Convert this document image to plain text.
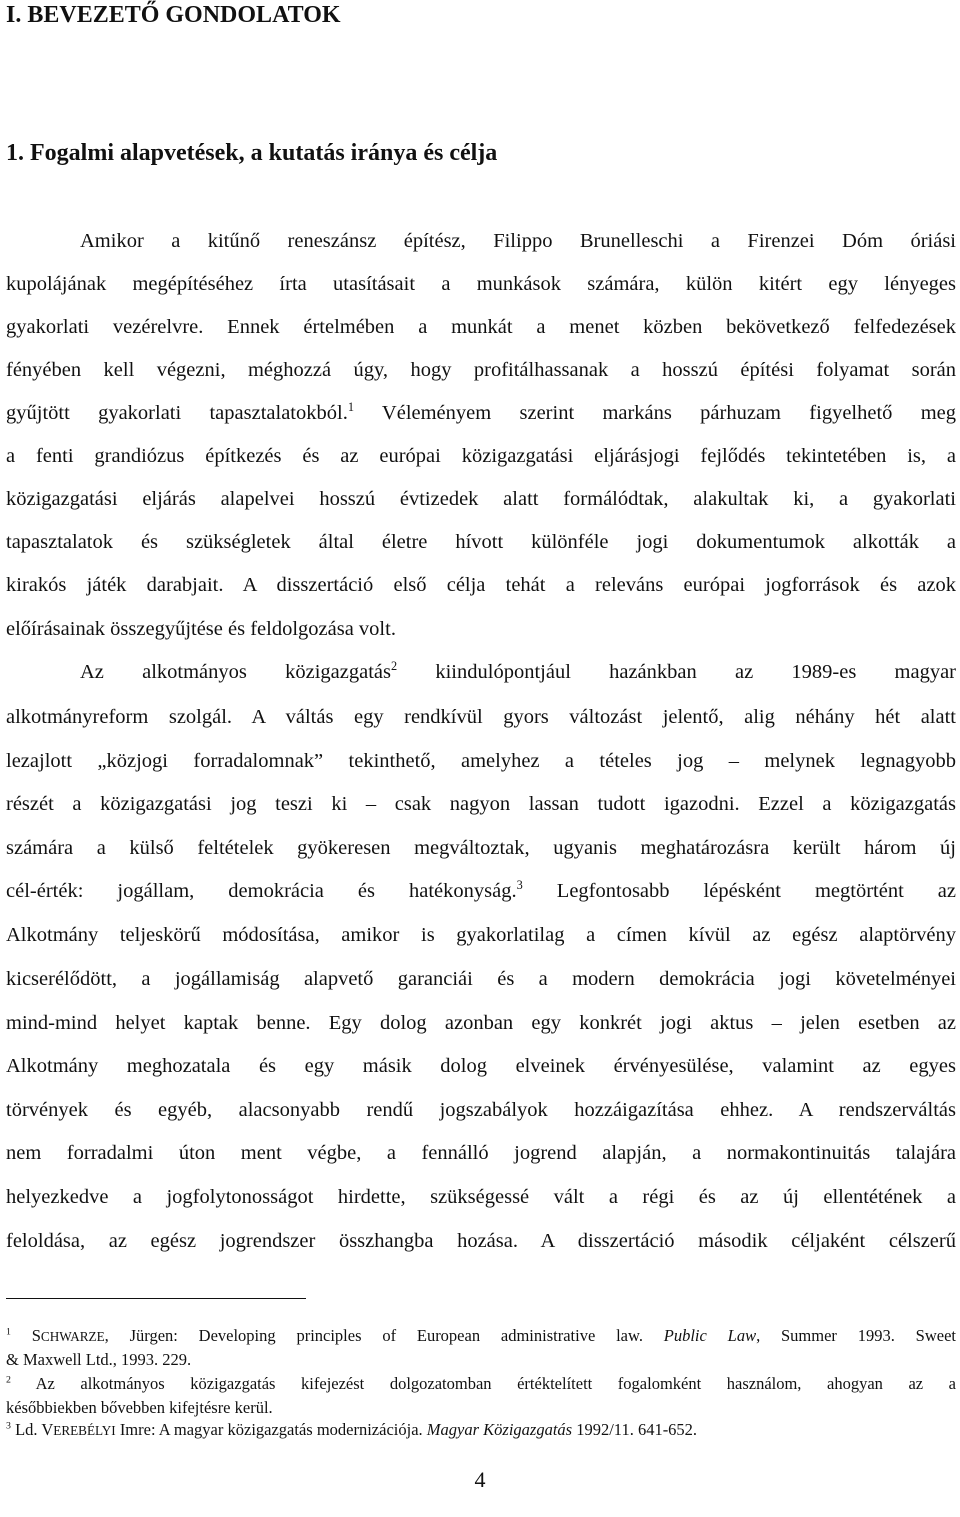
I. BEVEZETŐ GONDOLATOK
1. Fogalmi alapvetések, a kutatás iránya és célja

Amikor a kitűnő reneszánsz építész, Filippo Brunelleschi a Firenzei Dóm óriási

kupolájának megépítéséhez írta utasításait a munkások számára, külön kitért egy lényeges

gyakorlati vezérelvre. Ennek értelmében a munkát a menet közben bekövetkező felfedezések

fényében kell végezni, méghozzá úgy, hogy profitálhassanak a hosszú építési folyamat során

gyűjtött gyakorlati tapasztalatokból.$^1$ Véleményem szerint markáns párhuzam figyelhető meg

a fenti grandiózus építkezés és az európai közigazgatási eljárásjogi fejlődés tekintetében is, a

közigazgatási eljárás alapelvei hosszú évtizedek alatt formálódtak, alakultak ki, a gyakorlati

tapasztalatok és szükségletek által életre hívott különféle jogi dokumentumok alkották a

kirakós játék darabjait. A disszertáció első célja tehát a releváns európai jogforrások és azok

előírásainak összegyűjtése és feldolgozása volt.

Az alkotmányos közigazgatás$^2$ kiindulópontjául hazánkban az 1989-es magyar

alkotmányreform szolgál. A váltás egy rendkívül gyors változást jelentő, alig néhány hét alatt

lezajlott „közjogi forradalomnak” tekinthető, amelyhez a tételes jog – melynek legnagyobb

részét a közigazgatási jog teszi ki – csak nagyon lassan tudott igazodni. Ezzel a közigazgatás

számára a külső feltételek gyökeresen megváltoztak, ugyanis meghatározásra került három új

cél-érték: jogállam, demokrácia és hatékonyság.$^3$ Legfontosabb lépésként megtörtént az

Alkotmány teljeskörű módosítása, amikor is gyakorlatilag a címen kívül az egész alaptörvény

kicserélődött, a jogállamiság alapvető garanciái és a modern demokrácia jogi követelményei

mind-mind helyet kaptak benne. Egy dolog azonban egy konkrét jogi aktus – jelen esetben az

Alkotmány meghozatala és egy másik dolog elveinek érvényesülése, valamint az egyes

törvények és egyéb, alacsonyabb rendű jogszabályok hozzáigazítása ehhez. A rendszerváltás

nem forradalmi úton ment végbe, a fennálló jogrend alapján, a normakontinuitás talajára

helyezkedve a jogfolytonosságot hirdette, szükségessé vált a régi és az új ellentétének a

feloldása, az egész jogrendszer összhangba hozása. A disszertáció második céljaként célszerű

$^1$ SCHWARZE, Jürgen: Developing principles of European administrative law. Public Law, Summer 1993. Sweet

& Maxwell Ltd., 1993. 229.

$^2$ Az alkotmányos közigazgatás kifejezést dolgozatomban értéktelített fogalomként használom, ahogyan az a

későbbiekben bővebben kifejtésre kerül.

$^3$ Ld. VEREBÉLYI Imre: A magyar közigazgatás modernizációja. Magyar Közigazgatás 1992/11. 641-652.

4
